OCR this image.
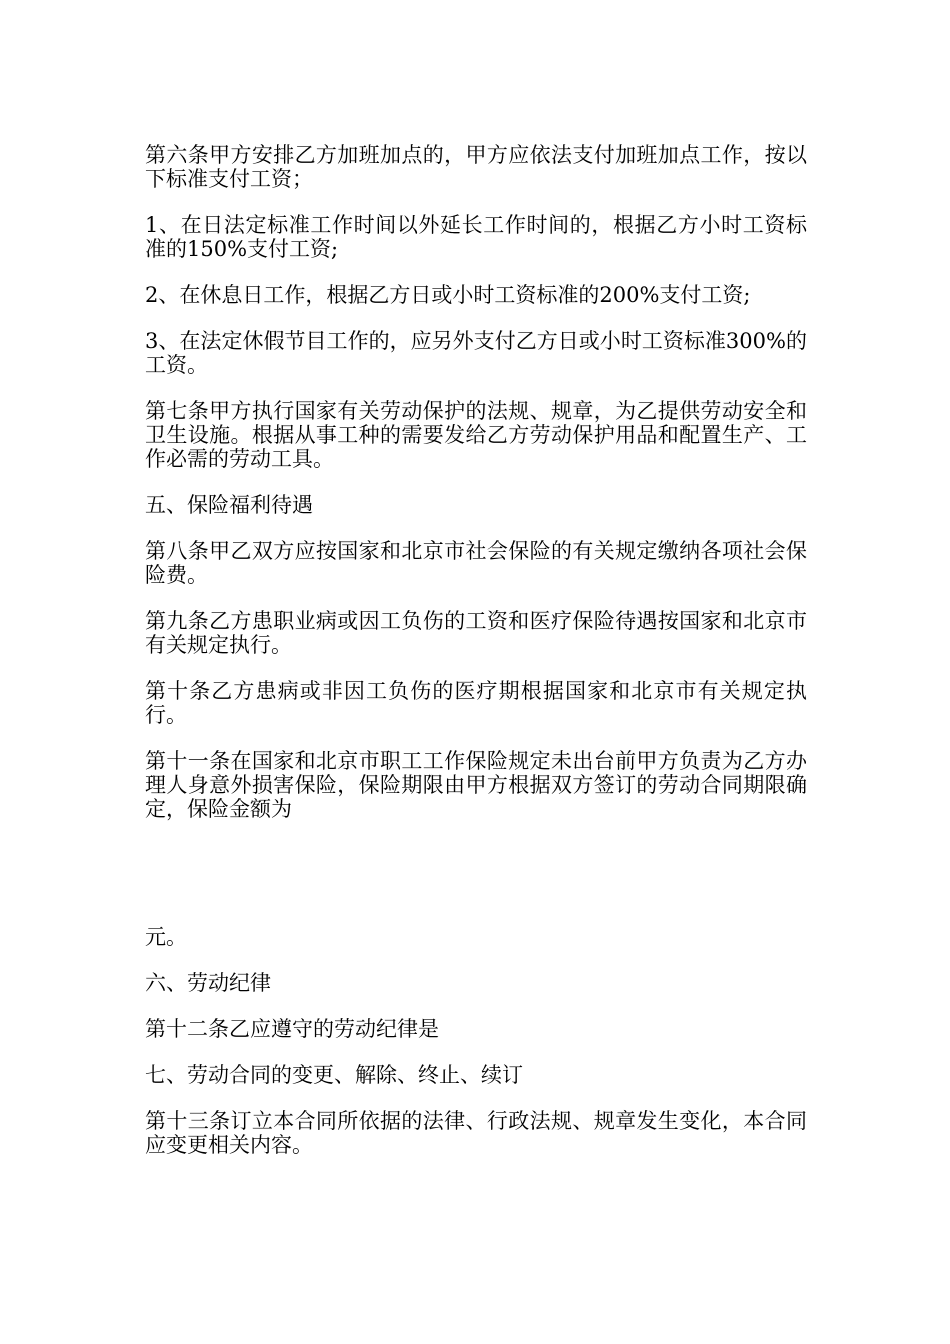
第六条甲方安排乙方加班加点的，甲方应依法支付加班加点工作，按以下标准支付工资；

1、在日法定标准工作时间以外延长工作时间的，根据乙方小时工资标准的150%支付工资;

2、在休息日工作，根据乙方日或小时工资标准的200%支付工资;

3、在法定休假节目工作的，应另外支付乙方日或小时工资标准300%的工资。

第七条甲方执行国家有关劳动保护的法规、规章，为乙提供劳动安全和卫生设施。根据从事工种的需要发给乙方劳动保护用品和配置生产、工作必需的劳动工具。

五、保险福利待遇

第八条甲乙双方应按国家和北京市社会保险的有关规定缴纳各项社会保险费。

第九条乙方患职业病或因工负伤的工资和医疗保险待遇按国家和北京市有关规定执行。

第十条乙方患病或非因工负伤的医疗期根据国家和北京市有关规定执行。

第十一条在国家和北京市职工工作保险规定未出台前甲方负责为乙方办理人身意外损害保险，保险期限由甲方根据双方签订的劳动合同期限确定，保险金额为

元。

六、劳动纪律

第十二条乙应遵守的劳动纪律是

七、劳动合同的变更、解除、终止、续订

第十三条订立本合同所依据的法律、行政法规、规章发生变化，本合同应变更相关内容。
